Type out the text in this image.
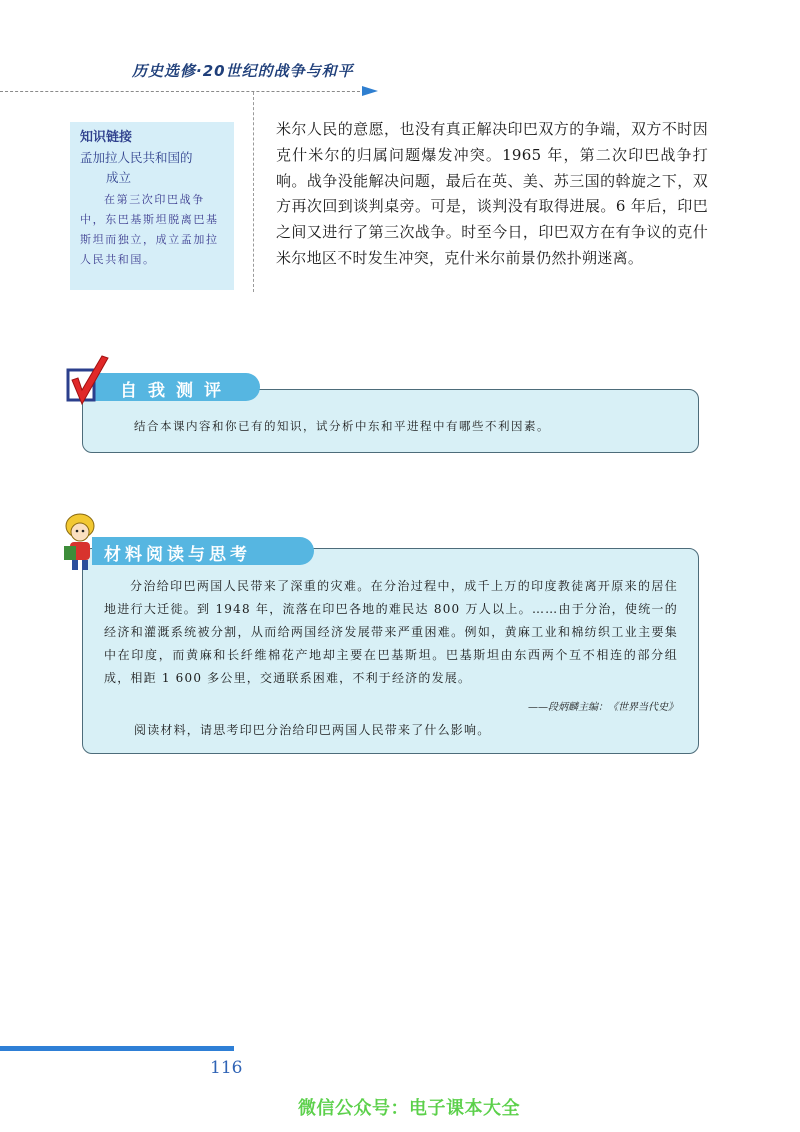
历史选修·20世纪的战争与和平
知识链接
孟加拉人民共和国的
成立
在第三次印巴战争中，东巴基斯坦脱离巴基斯坦而独立，成立孟加拉人民共和国。
米尔人民的意愿，也没有真正解决印巴双方的争端，双方不时因克什米尔的归属问题爆发冲突。1965 年，第二次印巴战争打响。战争没能解决问题，最后在英、美、苏三国的斡旋之下，双方再次回到谈判桌旁。可是，谈判没有取得进展。6 年后，印巴之间又进行了第三次战争。时至今日，印巴双方在有争议的克什米尔地区不时发生冲突，克什米尔前景仍然扑朔迷离。
自我测评
结合本课内容和你已有的知识，试分析中东和平进程中有哪些不利因素。
材料阅读与思考
分治给印巴两国人民带来了深重的灾难。在分治过程中，成千上万的印度教徒离开原来的居住地进行大迁徙。到 1948 年，流落在印巴各地的难民达 800 万人以上。……由于分治，使统一的经济和灌溉系统被分割，从而给两国经济发展带来严重困难。例如，黄麻工业和棉纺织工业主要集中在印度，而黄麻和长纤维棉花产地却主要在巴基斯坦。巴基斯坦由东西两个互不相连的部分组成，相距 1 600 多公里，交通联系困难，不利于经济的发展。
——段炳麟主编：《世界当代史》
阅读材料，请思考印巴分治给印巴两国人民带来了什么影响。
116
微信公众号：电子课本大全
